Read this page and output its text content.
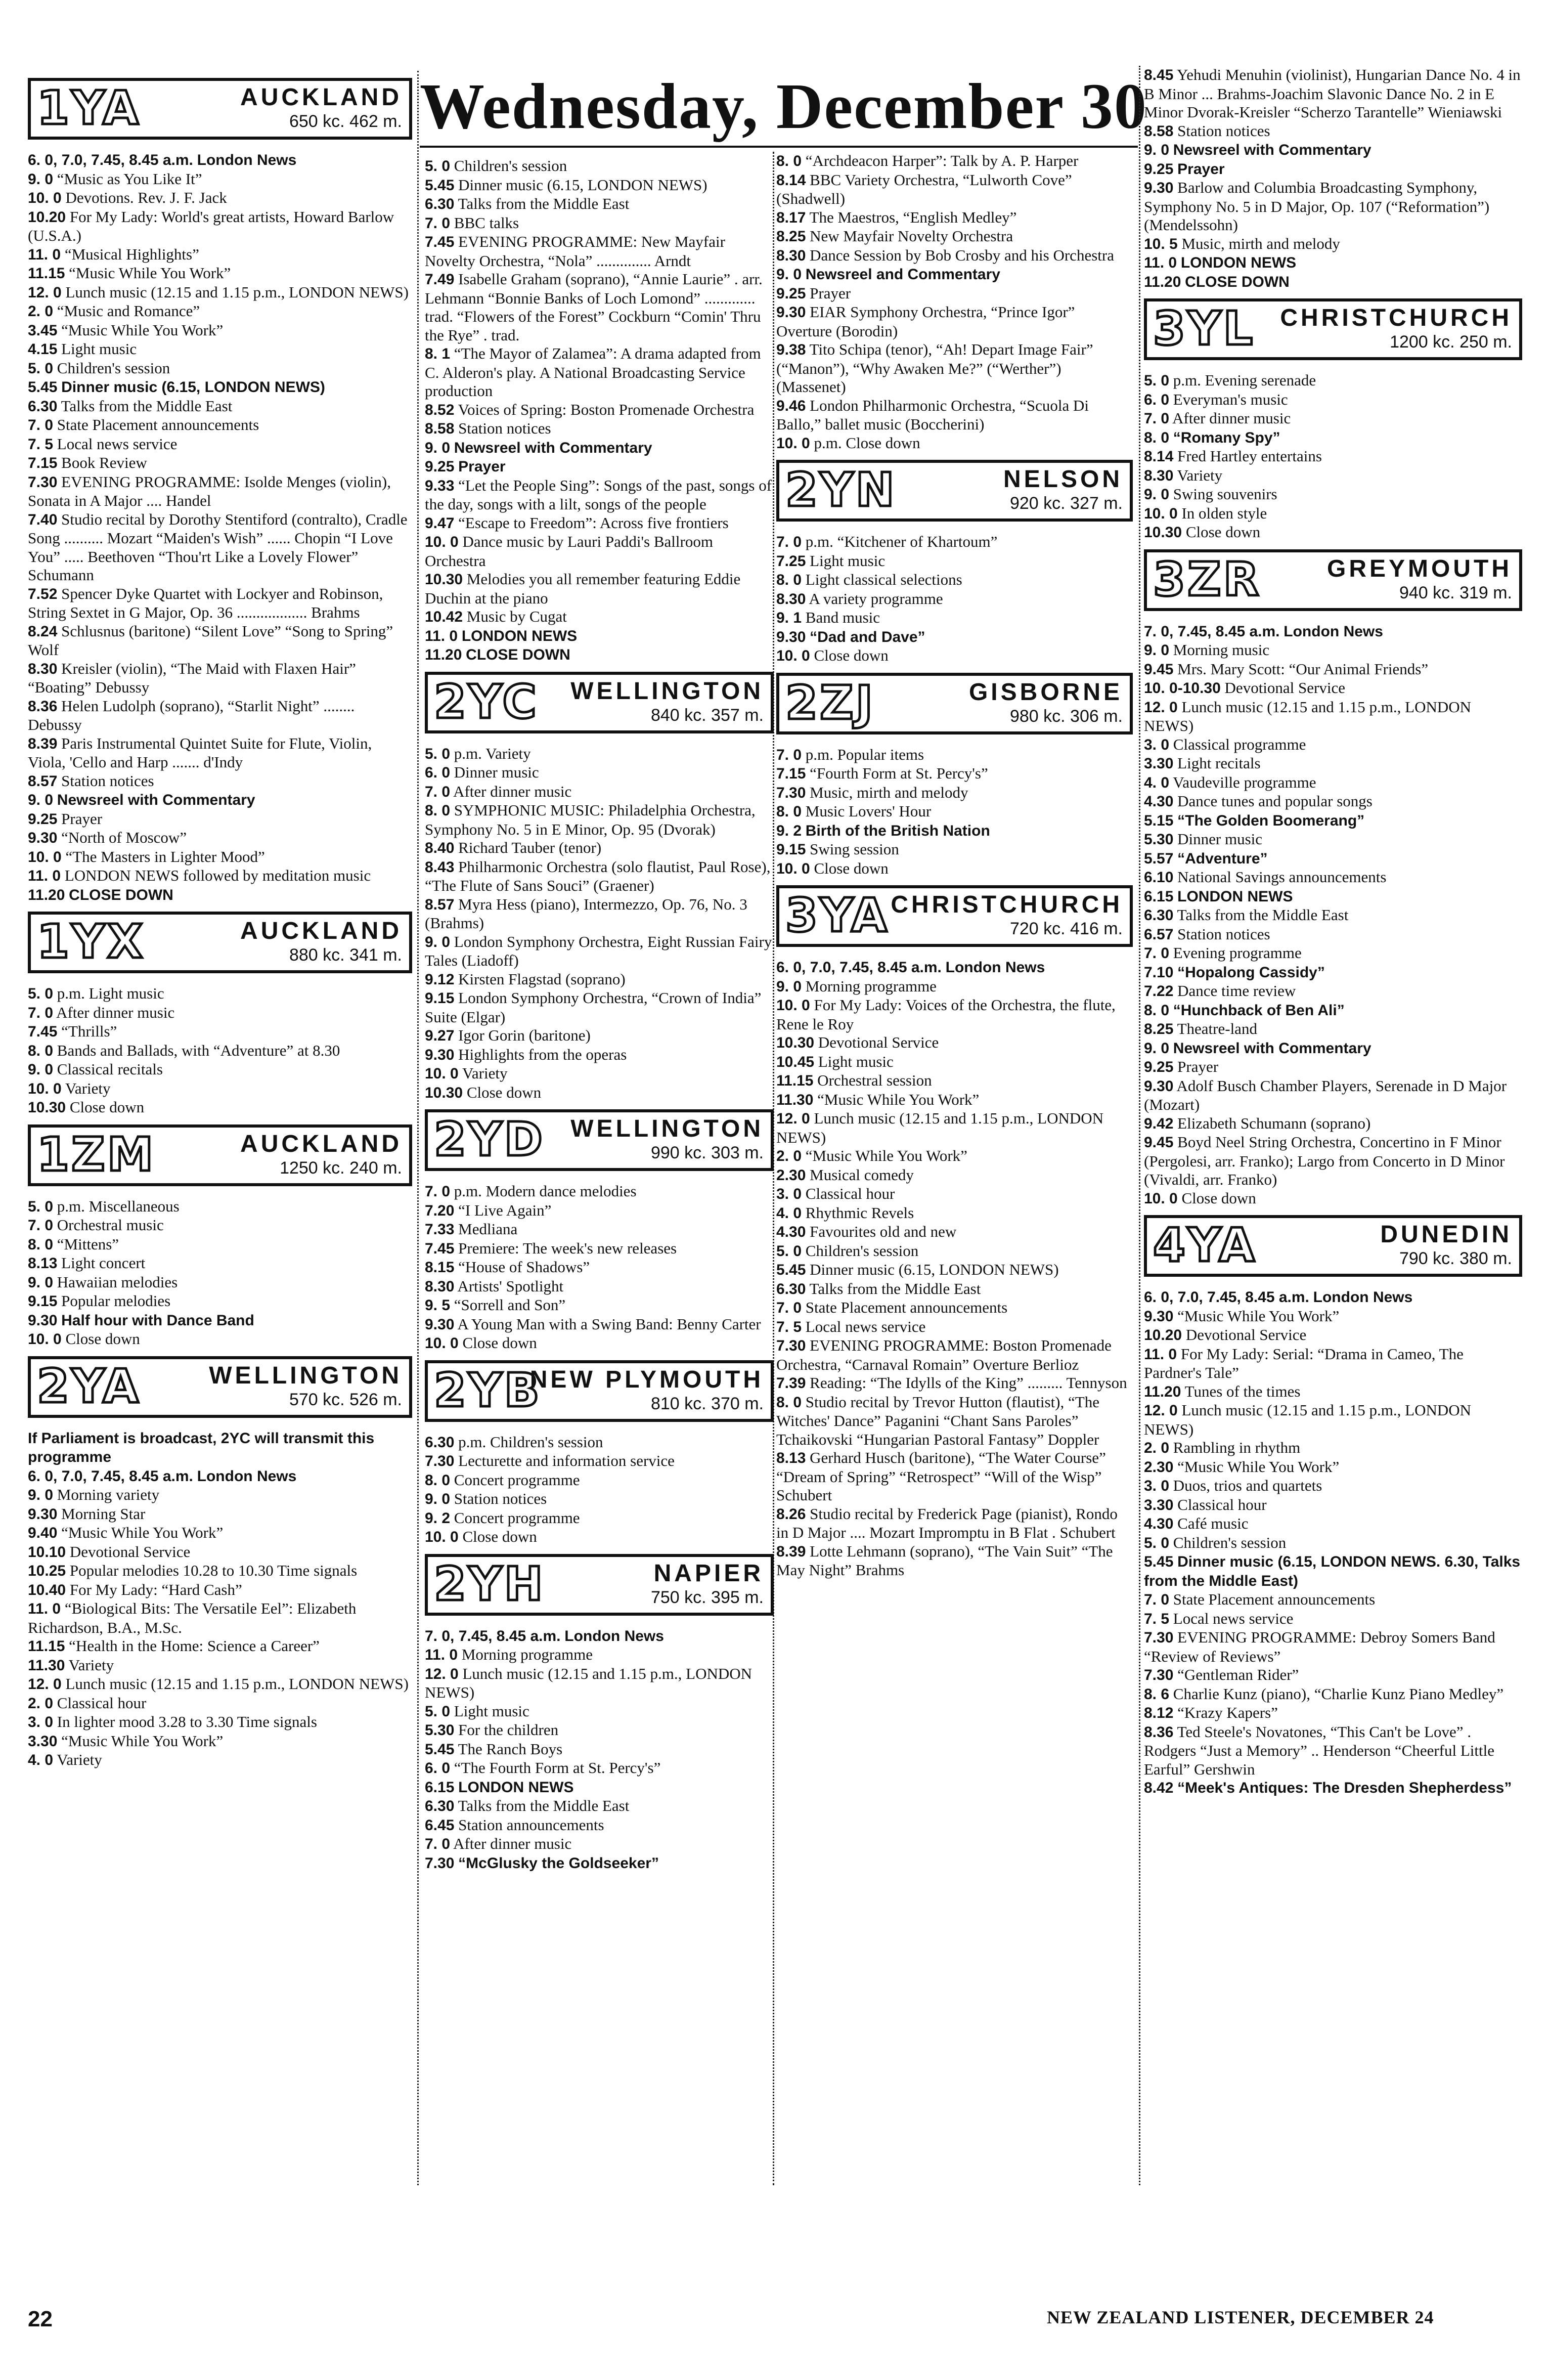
Wednesday, December 30
1YA	AUCKLAND
650 kc. 462 m.

6. 0, 7.0, 7.45, 8.45 a.m. London News

9. 0 “Music as You Like It”

10. 0 Devotions. Rev. J. F. Jack

10.20 For My Lady: World's great artists, Howard Barlow (U.S.A.)

11. 0 “Musical Highlights”

11.15 “Music While You Work”

12. 0 Lunch music (12.15 and 1.15 p.m., LONDON NEWS)

2. 0 “Music and Romance”

3.45 “Music While You Work”

4.15 Light music

5. 0 Children's session

5.45 Dinner music (6.15, LONDON NEWS)

6.30 Talks from the Middle East

7. 0 State Placement announcements

7. 5 Local news service

7.15 Book Review

7.30 EVENING PROGRAMME: Isolde Menges (violin), Sonata in A Major .... Handel

7.40 Studio recital by Dorothy Stentiford (contralto), Cradle Song .......... Mozart “Maiden's Wish” ...... Chopin “I Love You” ..... Beethoven “Thou'rt Like a Lovely Flower” Schumann

7.52 Spencer Dyke Quartet with Lockyer and Robinson, String Sextet in G Major, Op. 36 .................. Brahms

8.24 Schlusnus (baritone) “Silent Love” “Song to Spring” Wolf

8.30 Kreisler (violin), “The Maid with Flaxen Hair” “Boating” Debussy

8.36 Helen Ludolph (soprano), “Starlit Night” ........ Debussy

8.39 Paris Instrumental Quintet Suite for Flute, Violin, Viola, 'Cello and Harp ....... d'Indy

8.57 Station notices

9. 0 Newsreel with Commentary

9.25 Prayer

9.30 “North of Moscow”

10. 0 “The Masters in Lighter Mood”

11. 0 LONDON NEWS followed by meditation music

11.20 CLOSE DOWN

1YX	AUCKLAND
880 kc. 341 m.

5. 0 p.m. Light music

7. 0 After dinner music

7.45 “Thrills”

8. 0 Bands and Ballads, with “Adventure” at 8.30

9. 0 Classical recitals

10. 0 Variety

10.30 Close down

1ZM	AUCKLAND
1250 kc. 240 m.

5. 0 p.m. Miscellaneous

7. 0 Orchestral music

8. 0 “Mittens”

8.13 Light concert

9. 0 Hawaiian melodies

9.15 Popular melodies

9.30 Half hour with Dance Band

10. 0 Close down

2YA	WELLINGTON
570 kc. 526 m.

If Parliament is broadcast, 2YC will transmit this programme

6. 0, 7.0, 7.45, 8.45 a.m. London News

9. 0 Morning variety

9.30 Morning Star

9.40 “Music While You Work”

10.10 Devotional Service

10.25 Popular melodies 10.28 to 10.30 Time signals

10.40 For My Lady: “Hard Cash”

11. 0 “Biological Bits: The Versatile Eel”: Elizabeth Richardson, B.A., M.Sc.

11.15 “Health in the Home: Science a Career”

11.30 Variety

12. 0 Lunch music (12.15 and 1.15 p.m., LONDON NEWS)

2. 0 Classical hour

3. 0 In lighter mood 3.28 to 3.30 Time signals

3.30 “Music While You Work”

4. 0 Variety

5. 0 Children's session

5.45 Dinner music (6.15, LONDON NEWS)

6.30 Talks from the Middle East

7. 0 BBC talks

7.45 EVENING PROGRAMME: New Mayfair Novelty Orchestra, “Nola” .............. Arndt

7.49 Isabelle Graham (soprano), “Annie Laurie” . arr. Lehmann “Bonnie Banks of Loch Lomond” ............. trad. “Flowers of the Forest” Cockburn “Comin' Thru the Rye” . trad.

8. 1 “The Mayor of Zalamea”: A drama adapted from C. Alderon's play. A National Broadcasting Service production

8.52 Voices of Spring: Boston Promenade Orchestra

8.58 Station notices

9. 0 Newsreel with Commentary

9.25 Prayer

9.33 “Let the People Sing”: Songs of the past, songs of the day, songs with a lilt, songs of the people

9.47 “Escape to Freedom”: Across five frontiers

10. 0 Dance music by Lauri Paddi's Ballroom Orchestra

10.30 Melodies you all remember featuring Eddie Duchin at the piano

10.42 Music by Cugat

11. 0 LONDON NEWS

11.20 CLOSE DOWN

2YC WELLINGTON
840 kc. 357 m.

5. 0 p.m. Variety

6. 0 Dinner music

7. 0 After dinner music

8. 0 SYMPHONIC MUSIC: Philadelphia Orchestra, Symphony No. 5 in E Minor, Op. 95 (Dvorak)

8.40 Richard Tauber (tenor)

8.43 Philharmonic Orchestra (solo flautist, Paul Rose), “The Flute of Sans Souci” (Graener)

8.57 Myra Hess (piano), Intermezzo, Op. 76, No. 3 (Brahms)

9. 0 London Symphony Orchestra, Eight Russian Fairy Tales (Liadoff)

9.12 Kirsten Flagstad (soprano)

9.15 London Symphony Orchestra, “Crown of India” Suite (Elgar)

9.27 Igor Gorin (baritone)

9.30 Highlights from the operas

10. 0 Variety

10.30 Close down

2YD WELLINGTON
990 kc. 303 m.

7. 0 p.m. Modern dance melodies

7.20 “I Live Again”

7.33 Medliana

7.45 Premiere: The week's new releases

8.15 “House of Shadows”

8.30 Artists' Spotlight

9. 5 “Sorrell and Son”

9.30 A Young Man with a Swing Band: Benny Carter

10. 0 Close down

2YB
NEW PLYMOUTH
810 kc. 370 m.

6.30 p.m. Children's session

7.30 Lecturette and information service

8. 0 Concert programme

9. 0 Station notices

9. 2 Concert programme

10. 0 Close down

2YH	NAPIER
750 kc. 395 m.

7. 0, 7.45, 8.45 a.m. London News

11. 0 Morning programme

12. 0 Lunch music (12.15 and 1.15 p.m., LONDON NEWS)

5. 0 Light music

5.30 For the children

5.45 The Ranch Boys

6. 0 “The Fourth Form at St. Percy's”

6.15 LONDON NEWS

6.30 Talks from the Middle East

6.45 Station announcements

7. 0 After dinner music

7.30 “McGlusky the Goldseeker”

8. 0 “Archdeacon Harper”: Talk by A. P. Harper

8.14 BBC Variety Orchestra, “Lulworth Cove” (Shadwell)

8.17 The Maestros, “English Medley”

8.25 New Mayfair Novelty Orchestra

8.30 Dance Session by Bob Crosby and his Orchestra

9. 0 Newsreel and Commentary

9.25 Prayer

9.30 EIAR Symphony Orchestra, “Prince Igor” Overture (Borodin)

9.38 Tito Schipa (tenor), “Ah! Depart Image Fair” (“Manon”), “Why Awaken Me?” (“Werther”) (Massenet)

9.46 London Philharmonic Orchestra, “Scuola Di Ballo,” ballet music (Boccherini)

10. 0 p.m. Close down

2YN	NELSON
920 kc. 327 m.

7. 0 p.m. “Kitchener of Khartoum”

7.25 Light music

8. 0 Light classical selections

8.30 A variety programme

9. 1 Band music

9.30 “Dad and Dave”

10. 0 Close down

2ZJ	GISBORNE
980 kc. 306 m.

7. 0 p.m. Popular items

7.15 “Fourth Form at St. Percy's”

7.30 Music, mirth and melody

8. 0 Music Lovers' Hour

9. 2 Birth of the British Nation

9.15 Swing session

10. 0 Close down

3YA CHRISTCHURCH
720 kc. 416 m.

6. 0, 7.0, 7.45, 8.45 a.m. London News

9. 0 Morning programme

10. 0 For My Lady: Voices of the Orchestra, the flute, Rene le Roy

10.30 Devotional Service

10.45 Light music

11.15 Orchestral session

11.30 “Music While You Work”

12. 0 Lunch music (12.15 and 1.15 p.m., LONDON NEWS)

2. 0 “Music While You Work”

2.30 Musical comedy

3. 0 Classical hour

4. 0 Rhythmic Revels

4.30 Favourites old and new

5. 0 Children's session

5.45 Dinner music (6.15, LONDON NEWS)

6.30 Talks from the Middle East

7. 0 State Placement announcements

7. 5 Local news service

7.30 EVENING PROGRAMME: Boston Promenade Orchestra, “Carnaval Romain” Overture Berlioz

7.39 Reading: “The Idylls of the King” ......... Tennyson

8. 0 Studio recital by Trevor Hutton (flautist), “The Witches' Dance” Paganini “Chant Sans Paroles” Tchaikovski “Hungarian Pastoral Fantasy” Doppler

8.13 Gerhard Husch (baritone), “The Water Course” “Dream of Spring” “Retrospect” “Will of the Wisp” Schubert

8.26 Studio recital by Frederick Page (pianist), Rondo in D Major .... Mozart Impromptu in B Flat . Schubert

8.39 Lotte Lehmann (soprano), “The Vain Suit” “The May Night” Brahms

8.45 Yehudi Menuhin (violinist), Hungarian Dance No. 4 in B Minor ... Brahms-Joachim Slavonic Dance No. 2 in E Minor Dvorak-Kreisler “Scherzo Tarantelle” Wieniawski

8.58 Station notices

9. 0 Newsreel with Commentary

9.25 Prayer

9.30 Barlow and Columbia Broadcasting Symphony, Symphony No. 5 in D Major, Op. 107 (“Reformation”) (Mendelssohn)

10. 5 Music, mirth and melody

11. 0 LONDON NEWS

11.20 CLOSE DOWN

3YL CHRISTCHURCH
1200 kc. 250 m.

5. 0 p.m. Evening serenade

6. 0 Everyman's music

7. 0 After dinner music

8. 0 “Romany Spy”

8.14 Fred Hartley entertains

8.30 Variety

9. 0 Swing souvenirs

10. 0 In olden style

10.30 Close down

3ZR	GREYMOUTH
940 kc. 319 m.

7. 0, 7.45, 8.45 a.m. London News

9. 0 Morning music

9.45 Mrs. Mary Scott: “Our Animal Friends”

10. 0-10.30 Devotional Service

12. 0 Lunch music (12.15 and 1.15 p.m., LONDON NEWS)

3. 0 Classical programme

3.30 Light recitals

4. 0 Vaudeville programme

4.30 Dance tunes and popular songs

5.15 “The Golden Boomerang”

5.30 Dinner music

5.57 “Adventure”

6.10 National Savings announcements

6.15 LONDON NEWS

6.30 Talks from the Middle East

6.57 Station notices

7. 0 Evening programme

7.10 “Hopalong Cassidy”

7.22 Dance time review

8. 0 “Hunchback of Ben Ali”

8.25 Theatre-land

9. 0 Newsreel with Commentary

9.25 Prayer

9.30 Adolf Busch Chamber Players, Serenade in D Major (Mozart)

9.42 Elizabeth Schumann (soprano)

9.45 Boyd Neel String Orchestra, Concertino in F Minor (Pergolesi, arr. Franko); Largo from Concerto in D Minor (Vivaldi, arr. Franko)

10. 0 Close down

4YA	DUNEDIN
790 kc. 380 m.

6. 0, 7.0, 7.45, 8.45 a.m. London News

9.30 “Music While You Work”

10.20 Devotional Service

11. 0 For My Lady: Serial: “Drama in Cameo, The Pardner's Tale”

11.20 Tunes of the times

12. 0 Lunch music (12.15 and 1.15 p.m., LONDON NEWS)

2. 0 Rambling in rhythm

2.30 “Music While You Work”

3. 0 Duos, trios and quartets

3.30 Classical hour

4.30 Café music

5. 0 Children's session

5.45 Dinner music (6.15, LONDON NEWS. 6.30, Talks from the Middle East)

7. 0 State Placement announcements

7. 5 Local news service

7.30 EVENING PROGRAMME: Debroy Somers Band “Review of Reviews”

7.30 “Gentleman Rider”

8. 6 Charlie Kunz (piano), “Charlie Kunz Piano Medley”

8.12 “Krazy Kapers”

8.36 Ted Steele's Novatones, “This Can't be Love” . Rodgers “Just a Memory” .. Henderson “Cheerful Little Earful” Gershwin

8.42 “Meek's Antiques: The Dresden Shepherdess”

22	NEW ZEALAND LISTENER, DECEMBER 24
